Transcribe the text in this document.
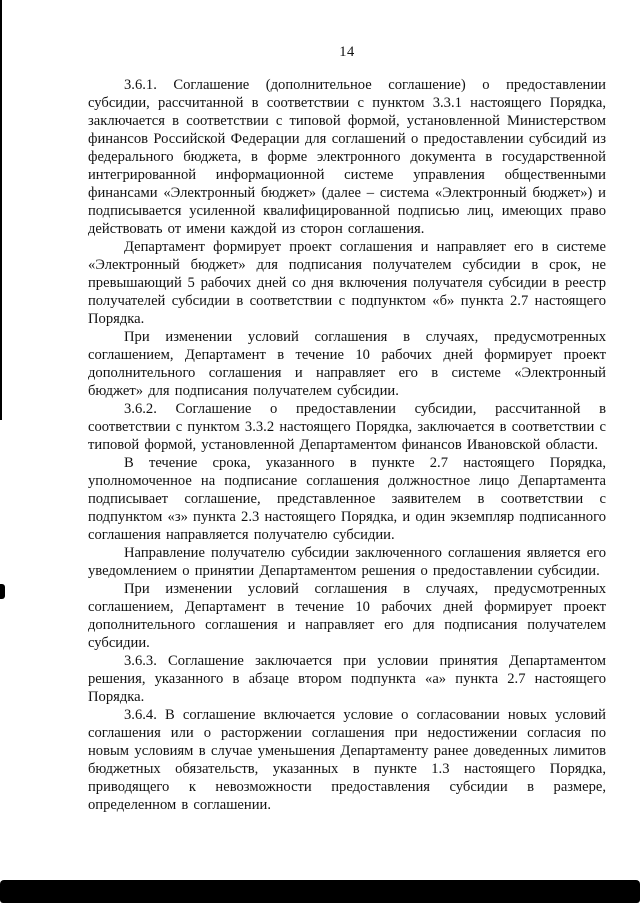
14

3.6.1. Соглашение (дополнительное соглашение) о предоставлении субсидии, рассчитанной в соответствии с пунктом 3.3.1 настоящего Порядка, заключается в соответствии с типовой формой, установленной Министерством финансов Российской Федерации для соглашений о предоставлении субсидий из федерального бюджета, в форме электронного документа в государственной интегрированной информационной системе управления общественными финансами «Электронный бюджет» (далее – система «Электронный бюджет») и подписывается усиленной квалифицированной подписью лиц, имеющих право действовать от имени каждой из сторон соглашения.

Департамент формирует проект соглашения и направляет его в системе «Электронный бюджет» для подписания получателем субсидии в срок, не превышающий 5 рабочих дней со дня включения получателя субсидии в реестр получателей субсидии в соответствии с подпунктом «б» пункта 2.7 настоящего Порядка.

При изменении условий соглашения в случаях, предусмотренных соглашением, Департамент в течение 10 рабочих дней формирует проект дополнительного соглашения и направляет его в системе «Электронный бюджет» для подписания получателем субсидии.

3.6.2. Соглашение о предоставлении субсидии, рассчитанной в соответствии с пунктом 3.3.2 настоящего Порядка, заключается в соответствии с типовой формой, установленной Департаментом финансов Ивановской области.

В течение срока, указанного в пункте 2.7 настоящего Порядка, уполномоченное на подписание соглашения должностное лицо Департамента подписывает соглашение, представленное заявителем в соответствии с подпунктом «з» пункта 2.3 настоящего Порядка, и один экземпляр подписанного соглашения направляется получателю субсидии.

Направление получателю субсидии заключенного соглашения является его уведомлением о принятии Департаментом решения о предоставлении субсидии.

При изменении условий соглашения в случаях, предусмотренных соглашением, Департамент в течение 10 рабочих дней формирует проект дополнительного соглашения и направляет его для подписания получателем субсидии.

3.6.3. Соглашение заключается при условии принятия Департаментом решения, указанного в абзаце втором подпункта «а» пункта 2.7 настоящего Порядка.

3.6.4. В соглашение включается условие о согласовании новых условий соглашения или о расторжении соглашения при недостижении согласия по новым условиям в случае уменьшения Департаменту ранее доведенных лимитов бюджетных обязательств, указанных в пункте 1.3 настоящего Порядка, приводящего к невозможности предоставления субсидии в размере, определенном в соглашении.
